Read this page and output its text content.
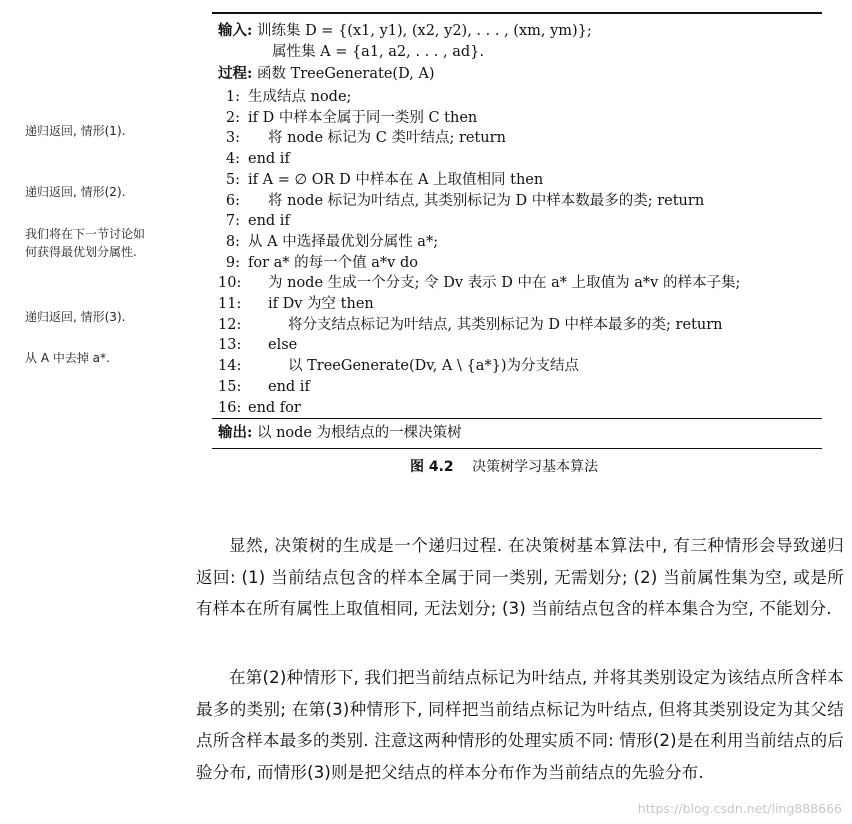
递归返回, 情形(1).
递归返回, 情形(2).
我们将在下一节讨论如
何获得最优划分属性.
递归返回, 情形(3).
从 A 中去掉 a*.
输入: 训练集 D = {(x1, y1), (x2, y2), . . . , (xm, ym)};
属性集 A = {a1, a2, . . . , ad}.
过程: 函数 TreeGenerate(D, A)
1: 生成结点 node;
2: if D 中样本全属于同一类别 C then
3:	将 node 标记为 C 类叶结点; return
4: end if
5: if A = ∅ OR D 中样本在 A 上取值相同 then
6:	将 node 标记为叶结点, 其类别标记为 D 中样本数最多的类; return
7: end if
8: 从 A 中选择最优划分属性 a*;
9: for a* 的每一个值 a*v do
10:	为 node 生成一个分支; 令 Dv 表示 D 中在 a* 上取值为 a*v 的样本子集;
11:	if Dv 为空 then
12:	将分支结点标记为叶结点, 其类别标记为 D 中样本最多的类; return
13:	else
14:	以 TreeGenerate(Dv, A \ {a*})为分支结点
15:	end if
16: end for
输出: 以 node 为根结点的一棵决策树
图 4.2 决策树学习基本算法

显然, 决策树的生成是一个递归过程. 在决策树基本算法中, 有三种情形会导致递归返回: (1) 当前结点包含的样本全属于同一类别, 无需划分; (2) 当前属性集为空, 或是所有样本在所有属性上取值相同, 无法划分; (3) 当前结点包含的样本集合为空, 不能划分.

在第(2)种情形下, 我们把当前结点标记为叶结点, 并将其类别设定为该结点所含样本最多的类别; 在第(3)种情形下, 同样把当前结点标记为叶结点, 但将其类别设定为其父结点所含样本最多的类别. 注意这两种情形的处理实质不同: 情形(2)是在利用当前结点的后验分布, 而情形(3)则是把父结点的样本分布作为当前结点的先验分布.

https://blog.csdn.net/ling888666
